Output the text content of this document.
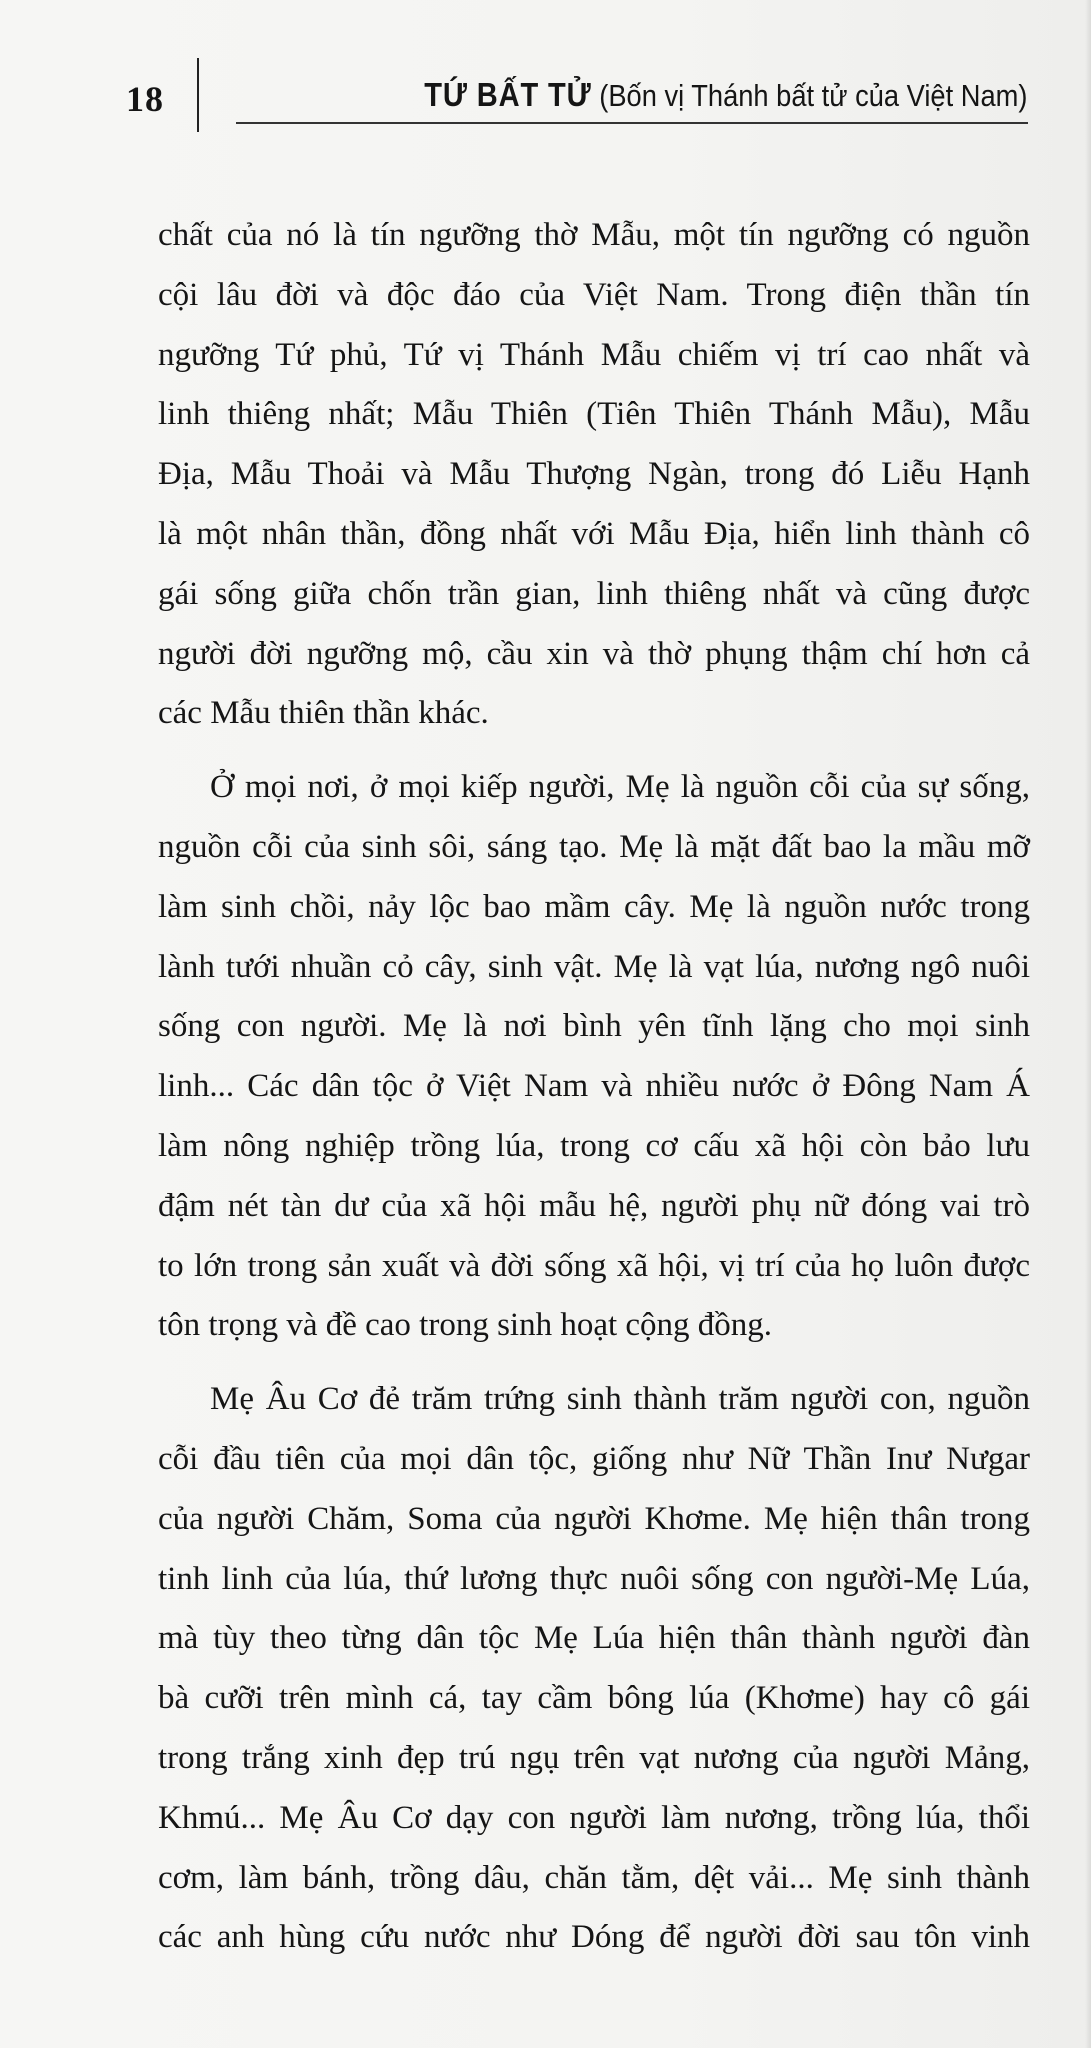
18	TỨ BẤT TỬ (Bốn vị Thánh bất tử của Việt Nam)
chất của nó là tín ngưỡng thờ Mẫu, một tín ngưỡng có nguồn
cội lâu đời và độc đáo của Việt Nam. Trong điện thần tín
ngưỡng Tứ phủ, Tứ vị Thánh Mẫu chiếm vị trí cao nhất và
linh thiêng nhất; Mẫu Thiên (Tiên Thiên Thánh Mẫu), Mẫu
Địa, Mẫu Thoải và Mẫu Thượng Ngàn, trong đó Liễu Hạnh
là một nhân thần, đồng nhất với Mẫu Địa, hiển linh thành cô
gái sống giữa chốn trần gian, linh thiêng nhất và cũng được
người đời ngưỡng mộ, cầu xin và thờ phụng thậm chí hơn cả
các Mẫu thiên thần khác.
Ở mọi nơi, ở mọi kiếp người, Mẹ là nguồn cỗi của sự sống,
nguồn cỗi của sinh sôi, sáng tạo. Mẹ là mặt đất bao la mầu mỡ
làm sinh chồi, nảy lộc bao mầm cây. Mẹ là nguồn nước trong
lành tưới nhuần cỏ cây, sinh vật. Mẹ là vạt lúa, nương ngô nuôi
sống con người. Mẹ là nơi bình yên tĩnh lặng cho mọi sinh
linh... Các dân tộc ở Việt Nam và nhiều nước ở Đông Nam Á
làm nông nghiệp trồng lúa, trong cơ cấu xã hội còn bảo lưu
đậm nét tàn dư của xã hội mẫu hệ, người phụ nữ đóng vai trò
to lớn trong sản xuất và đời sống xã hội, vị trí của họ luôn được
tôn trọng và đề cao trong sinh hoạt cộng đồng.
Mẹ Âu Cơ đẻ trăm trứng sinh thành trăm người con, nguồn
cỗi đầu tiên của mọi dân tộc, giống như Nữ Thần Inư Nưgar
của người Chăm, Soma của người Khơme. Mẹ hiện thân trong
tinh linh của lúa, thứ lương thực nuôi sống con người-Mẹ Lúa,
mà tùy theo từng dân tộc Mẹ Lúa hiện thân thành người đàn
bà cưỡi trên mình cá, tay cầm bông lúa (Khơme) hay cô gái
trong trắng xinh đẹp trú ngụ trên vạt nương của người Mảng,
Khmú... Mẹ Âu Cơ dạy con người làm nương, trồng lúa, thổi
cơm, làm bánh, trồng dâu, chăn tằm, dệt vải... Mẹ sinh thành
các anh hùng cứu nước như Dóng để người đời sau tôn vinh
